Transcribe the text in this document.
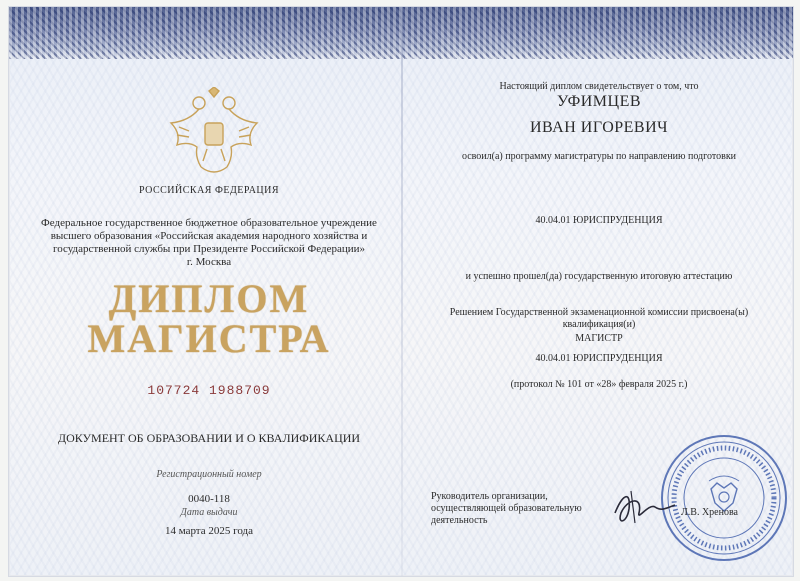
РОССИЙСКАЯ ФЕДЕРАЦИЯ
Федеральное государственное бюджетное образовательное учреждение высшего образования «Российская академия народного хозяйства и государственной службы при Президенте Российской Федерации»
г. Москва
ДИПЛОМ
МАГИСТРА
107724 1988709
ДОКУМЕНТ ОБ ОБРАЗОВАНИИ И О КВАЛИФИКАЦИИ
Регистрационный номер
0040-118
Дата выдачи
14 марта 2025 года
Настоящий диплом свидетельствует о том, что
УФИМЦЕВ
ИВАН ИГОРЕВИЧ
освоил(а) программу магистратуры по направлению подготовки
40.04.01 ЮРИСПРУДЕНЦИЯ
и успешно прошел(да) государственную итоговую аттестацию
Решением Государственной экзаменационной комиссии присвоена(ы) квалификация(и)
МАГИСТР
40.04.01 ЮРИСПРУДЕНЦИЯ
(протокол № 101 от «28» февраля 2025 г.)
Руководитель организации, осуществляющей образовательную деятельность
Л.В. Хренова
